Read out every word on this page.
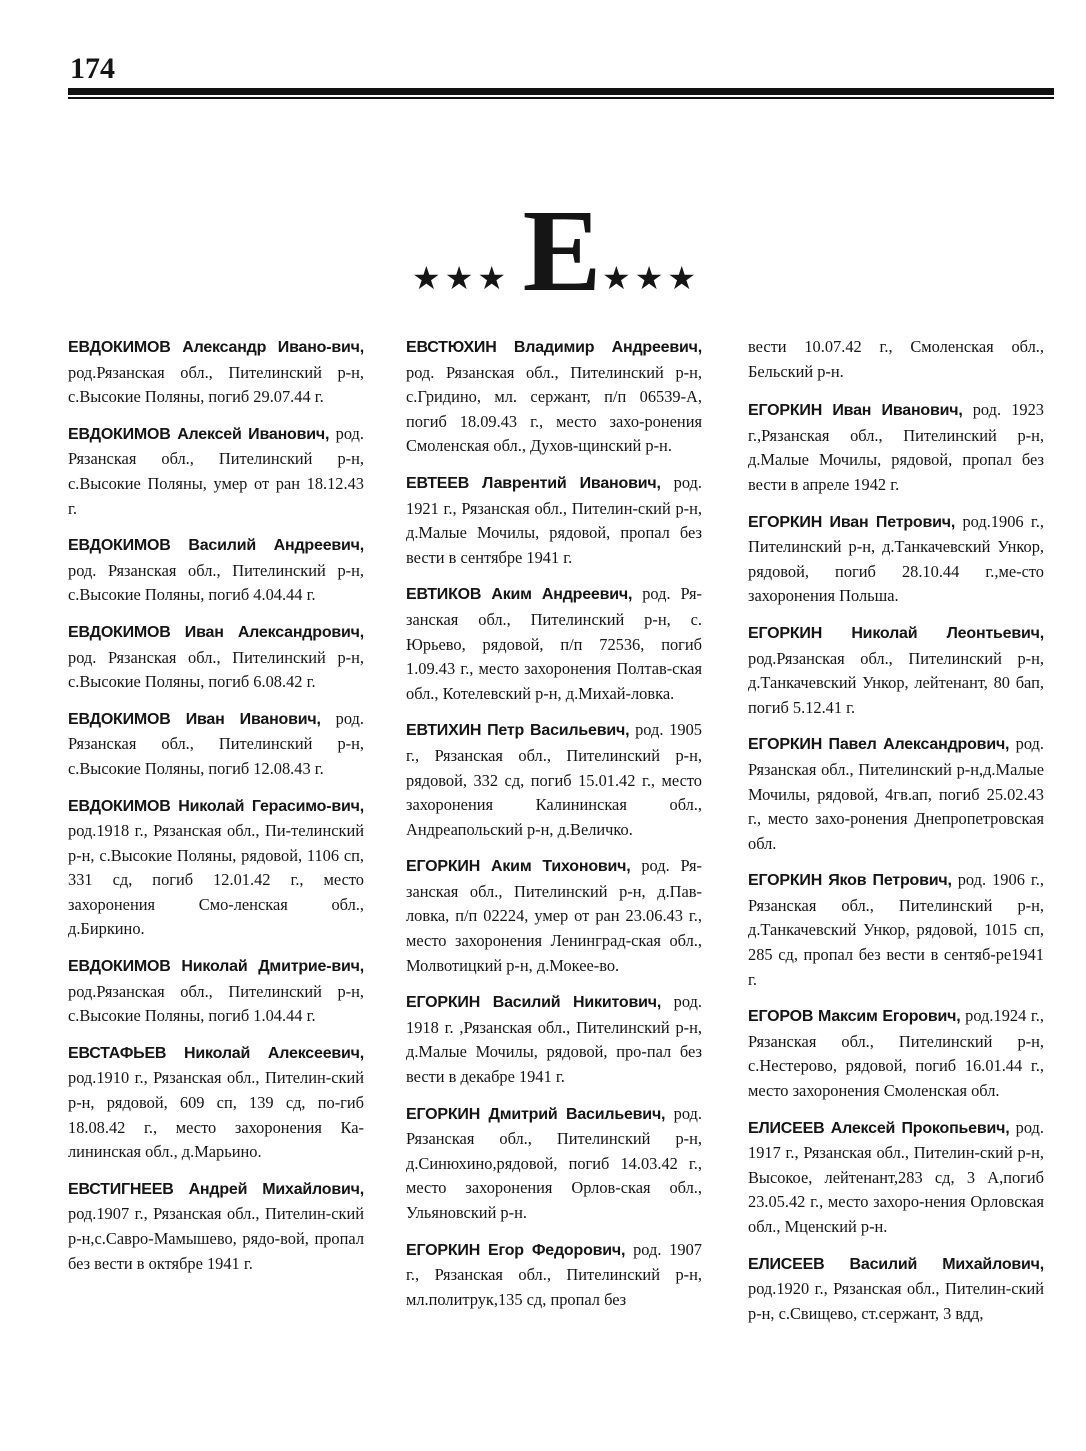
174
★★★ Е ★★★

ЕВДОКИМОВ Александр Ивано-вич, род.Рязанская обл., Пителинский р-н, с.Высокие Поляны, погиб 29.07.44 г.

ЕВДОКИМОВ Алексей Иванович, род. Рязанская обл., Пителинский р-н, с.Высокие Поляны, умер от ран 18.12.43 г.

ЕВДОКИМОВ Василий Андреевич, род. Рязанская обл., Пителинский р-н, с.Высокие Поляны, погиб 4.04.44 г.

ЕВДОКИМОВ Иван Александрович, род. Рязанская обл., Пителинский р-н, с.Высокие Поляны, погиб 6.08.42 г.

ЕВДОКИМОВ Иван Иванович, род. Рязанская обл., Пителинский р-н, с.Высокие Поляны, погиб 12.08.43 г.

ЕВДОКИМОВ Николай Герасимо-вич, род.1918 г., Рязанская обл., Пи-телинский р-н, с.Высокие Поляны, рядовой, 1106 сп, 331 сд, погиб 12.01.42 г., место захоронения Смо-ленская обл., д.Биркино.

ЕВДОКИМОВ Николай Дмитрие-вич, род.Рязанская обл., Пителинский р-н, с.Высокие Поляны, погиб 1.04.44 г.

ЕВСТАФЬЕВ Николай Алексеевич, род.1910 г., Рязанская обл., Пителин-ский р-н, рядовой, 609 сп, 139 сд, по-гиб 18.08.42 г., место захоронения Ка-лининская обл., д.Марьино.

ЕВСТИГНЕЕВ Андрей Михайлович, род.1907 г., Рязанская обл., Пителин-ский р-н,с.Савро-Мамышево, рядо-вой, пропал без вести в октябре 1941 г.

ЕВСТЮХИН Владимир Андреевич, род. Рязанская обл., Пителинский р-н, с.Гридино, мл. сержант, п/п 06539-А, погиб 18.09.43 г., место захо-ронения Смоленская обл., Духов-щинский р-н.

ЕВТЕЕВ Лаврентий Иванович, род. 1921 г., Рязанская обл., Пителин-ский р-н, д.Малые Мочилы, рядовой, пропал без вести в сентябре 1941 г.

ЕВТИКОВ Аким Андреевич, род. Ря-занская обл., Пителинский р-н, с. Юрьево, рядовой, п/п 72536, погиб 1.09.43 г., место захоронения Полтав-ская обл., Котелевский р-н, д.Михай-ловка.

ЕВТИХИН Петр Васильевич, род. 1905 г., Рязанская обл., Пителинский р-н, рядовой, 332 сд, погиб 15.01.42 г., место захоронения Калининская обл., Андреапольский р-н, д.Величко.

ЕГОРКИН Аким Тихонович, род. Ря-занская обл., Пителинский р-н, д.Пав-ловка, п/п 02224, умер от ран 23.06.43 г., место захоронения Ленинград-ская обл., Молвотицкий р-н, д.Мокее-во.

ЕГОРКИН Василий Никитович, род. 1918 г. ,Рязанская обл., Пителинский р-н, д.Малые Мочилы, рядовой, про-пал без вести в декабре 1941 г.

ЕГОРКИН Дмитрий Васильевич, род. Рязанская обл., Пителинский р-н, д.Синюхино,рядовой, погиб 14.03.42 г., место захоронения Орлов-ская обл., Ульяновский р-н.

ЕГОРКИН Егор Федорович, род. 1907 г., Рязанская обл., Пителинский р-н, мл.политрук,135 сд, пропал без

вести 10.07.42 г., Смоленская обл., Бельский р-н.

ЕГОРКИН Иван Иванович, род. 1923 г.,Рязанская обл., Пителинский р-н, д.Малые Мочилы, рядовой, пропал без вести в апреле 1942 г.

ЕГОРКИН Иван Петрович, род.1906 г., Пителинский р-н, д.Танкачевский Ункор, рядовой, погиб 28.10.44 г.,ме-сто захоронения Польша.

ЕГОРКИН Николай Леонтьевич, род.Рязанская обл., Пителинский р-н, д.Танкачевский Ункор, лейтенант, 80 бап, погиб 5.12.41 г.

ЕГОРКИН Павел Александрович, род. Рязанская обл., Пителинский р-н,д.Малые Мочилы, рядовой, 4гв.ап, погиб 25.02.43 г., место захо-ронения Днепропетровская обл.

ЕГОРКИН Яков Петрович, род. 1906 г., Рязанская обл., Пителинский р-н, д.Танкачевский Ункор, рядовой, 1015 сп, 285 сд, пропал без вести в сентяб-ре1941 г.

ЕГОРОВ Максим Егорович, род.1924 г., Рязанская обл., Пителинский р-н, с.Нестерово, рядовой, погиб 16.01.44 г., место захоронения Смоленская обл.

ЕЛИСЕЕВ Алексей Прокопьевич, род. 1917 г., Рязанская обл., Пителин-ский р-н, Высокое, лейтенант,283 сд, 3 А,погиб 23.05.42 г., место захоро-нения Орловская обл., Мценский р-н.

ЕЛИСЕЕВ Василий Михайлович, род.1920 г., Рязанская обл., Пителин-ский р-н, с.Свищево, ст.сержант, 3 вдд,
